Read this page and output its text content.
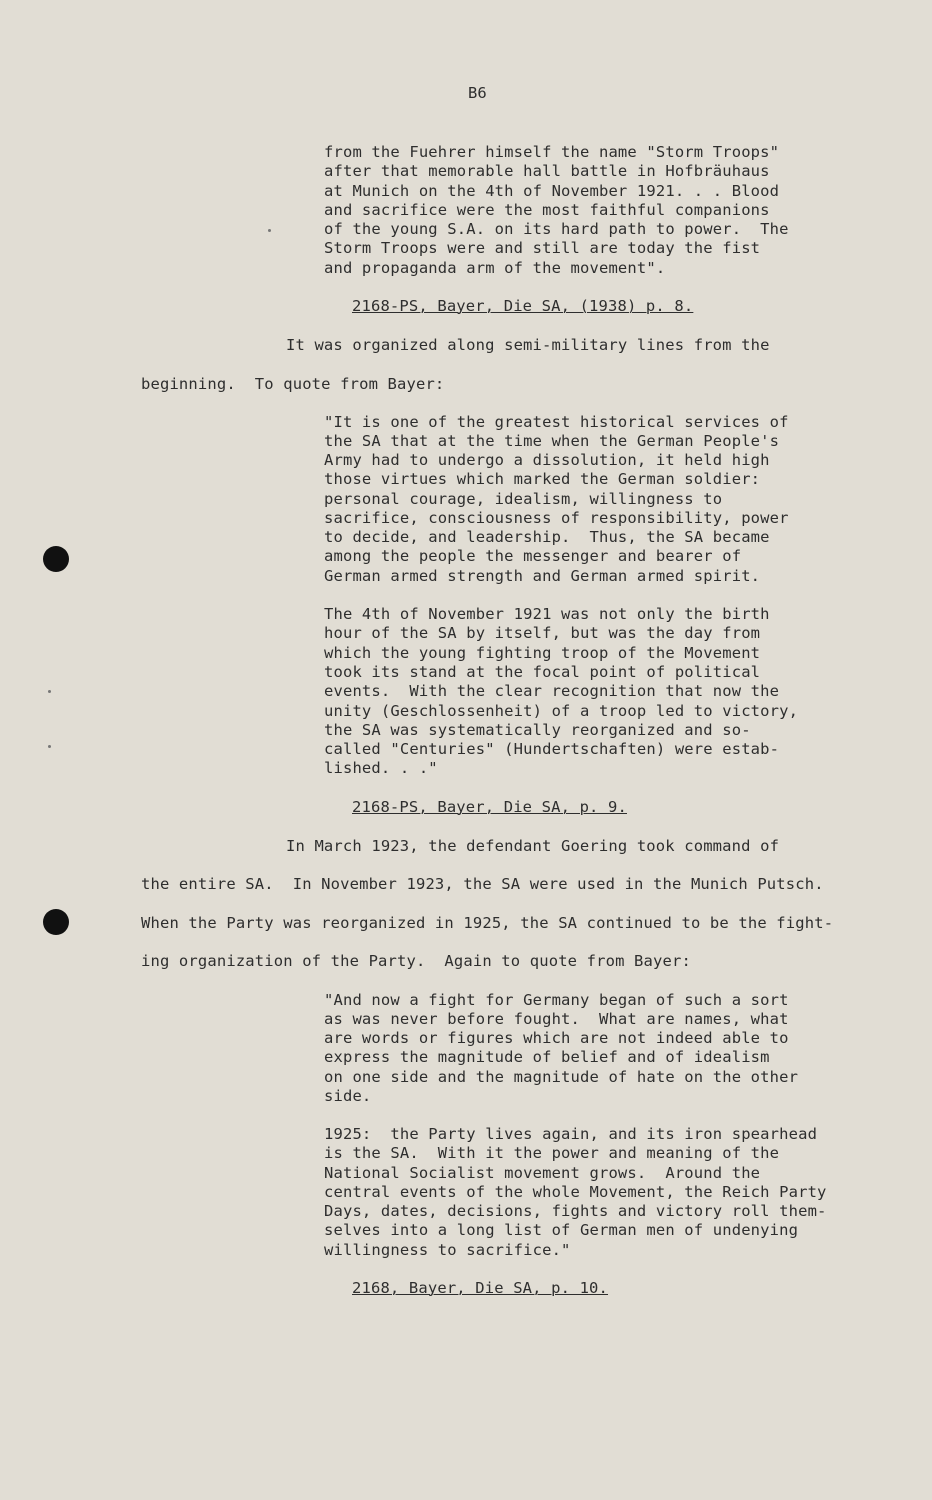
B6
from the Fuehrer himself the name "Storm Troops"
after that memorable hall battle in Hofbräuhaus
at Munich on the 4th of November 1921. . . Blood
and sacrifice were the most faithful companions
of the young S.A. on its hard path to power.  The
Storm Troops were and still are today the fist
and propaganda arm of the movement".
2168-PS, Bayer, Die SA, (1938) p. 8.
It was organized along semi-military lines from the
beginning.  To quote from Bayer:
"It is one of the greatest historical services of
the SA that at the time when the German People's
Army had to undergo a dissolution, it held high
those virtues which marked the German soldier:
personal courage, idealism, willingness to
sacrifice, consciousness of responsibility, power
to decide, and leadership.  Thus, the SA became
among the people the messenger and bearer of
German armed strength and German armed spirit.
The 4th of November 1921 was not only the birth
hour of the SA by itself, but was the day from
which the young fighting troop of the Movement
took its stand at the focal point of political
events.  With the clear recognition that now the
unity (Geschlossenheit) of a troop led to victory,
the SA was systematically reorganized and so-
called "Centuries" (Hundertschaften) were estab-
lished. . ."
2168-PS, Bayer, Die SA, p. 9.
In March 1923, the defendant Goering took command of
the entire SA.  In November 1923, the SA were used in the Munich Putsch.
When the Party was reorganized in 1925, the SA continued to be the fight-
ing organization of the Party.  Again to quote from Bayer:
"And now a fight for Germany began of such a sort
as was never before fought.  What are names, what
are words or figures which are not indeed able to
express the magnitude of belief and of idealism
on one side and the magnitude of hate on the other
side.
1925:  the Party lives again, and its iron spearhead
is the SA.  With it the power and meaning of the
National Socialist movement grows.  Around the
central events of the whole Movement, the Reich Party
Days, dates, decisions, fights and victory roll them-
selves into a long list of German men of undenying
willingness to sacrifice."
2168, Bayer, Die SA, p. 10.
